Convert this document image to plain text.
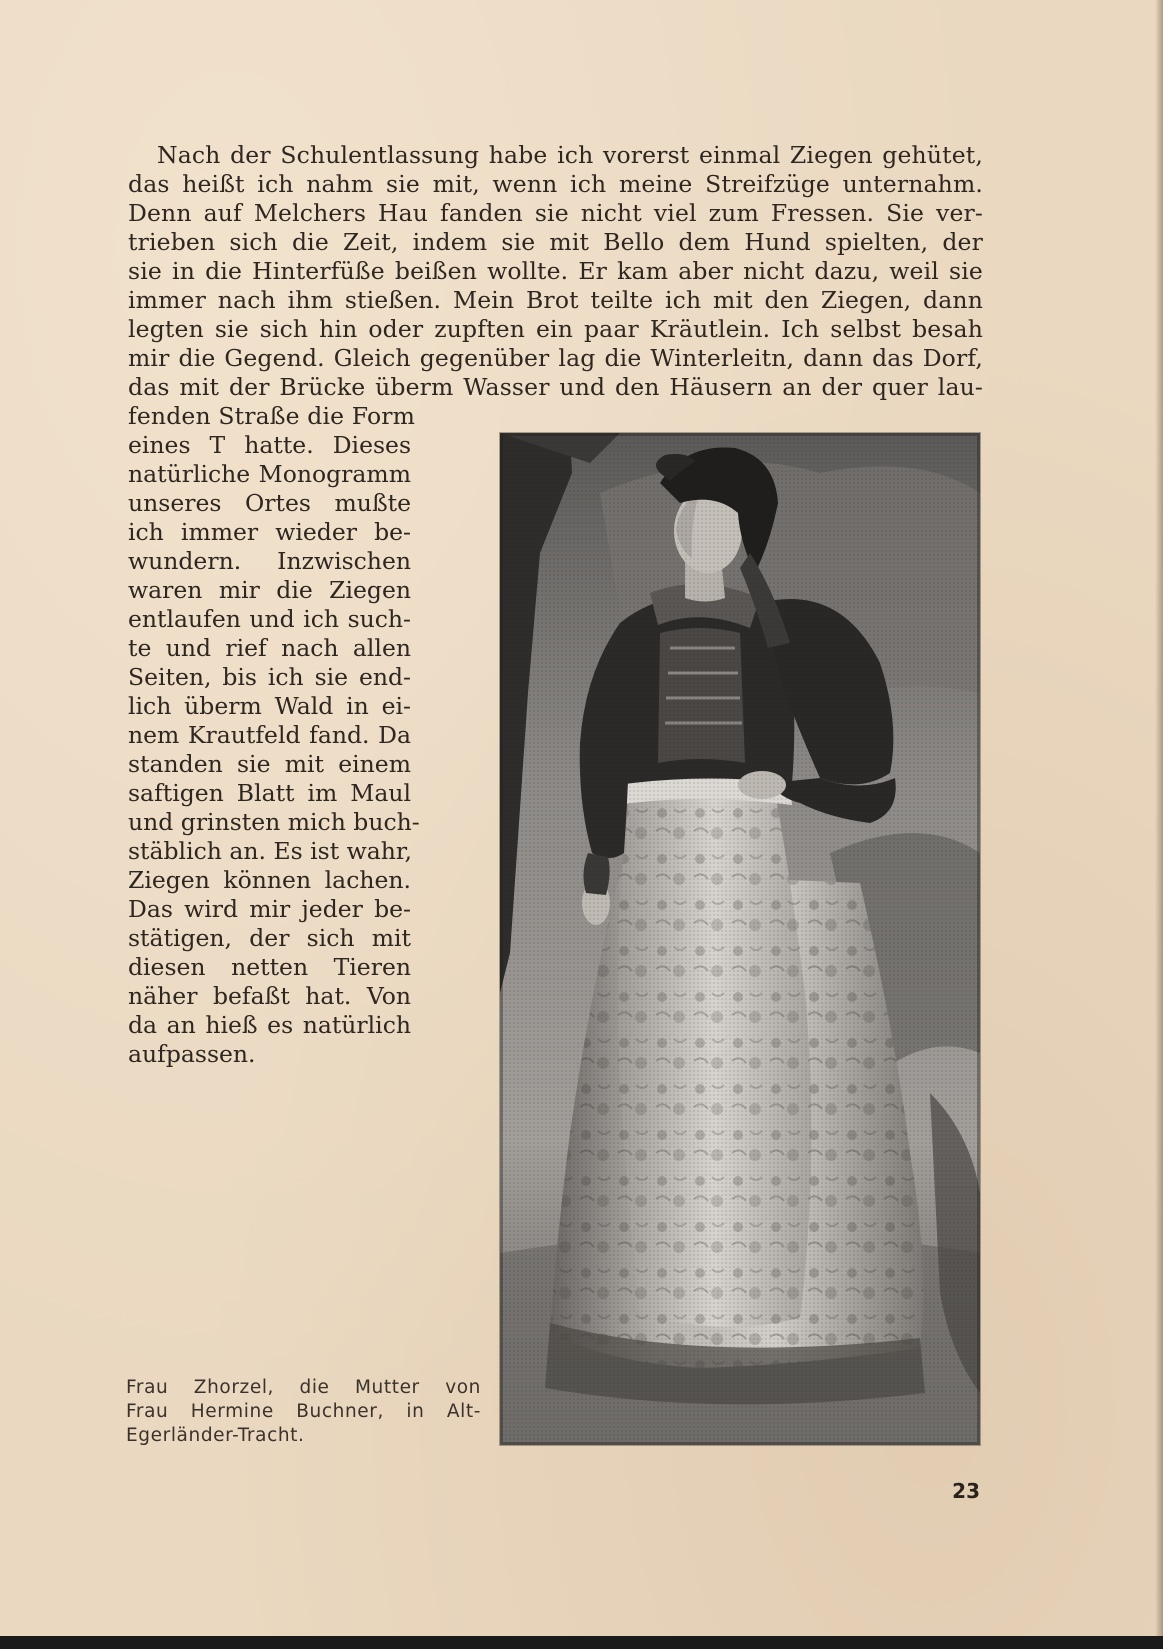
Nach der Schulentlassung habe ich vorerst einmal Ziegen gehütet,
das heißt ich nahm sie mit, wenn ich meine Streifzüge unternahm.
Denn auf Melchers Hau fanden sie nicht viel zum Fressen. Sie ver-
trieben sich die Zeit, indem sie mit Bello dem Hund spielten, der
sie in die Hinterfüße beißen wollte. Er kam aber nicht dazu, weil sie
immer nach ihm stießen. Mein Brot teilte ich mit den Ziegen, dann
legten sie sich hin oder zupften ein paar Kräutlein. Ich selbst besah
mir die Gegend. Gleich gegenüber lag die Winterleitn, dann das Dorf,
das mit der Brücke überm Wasser und den Häusern an der quer lau-
fenden Straße die Form
eines T hatte. Dieses
natürliche Monogramm
unseres Ortes mußte
ich immer wieder be-
wundern. Inzwischen
waren mir die Ziegen
entlaufen und ich such-
te und rief nach allen
Seiten, bis ich sie end-
lich überm Wald in ei-
nem Krautfeld fand. Da
standen sie mit einem
saftigen Blatt im Maul
und grinsten mich buch-
stäblich an. Es ist wahr,
Ziegen können lachen.
Das wird mir jeder be-
stätigen, der sich mit
diesen netten Tieren
näher befaßt hat. Von
da an hieß es natürlich
aufpassen.
Frau Zhorzel, die Mutter von
Frau Hermine Buchner, in Alt-
Egerländer-Tracht.
23
